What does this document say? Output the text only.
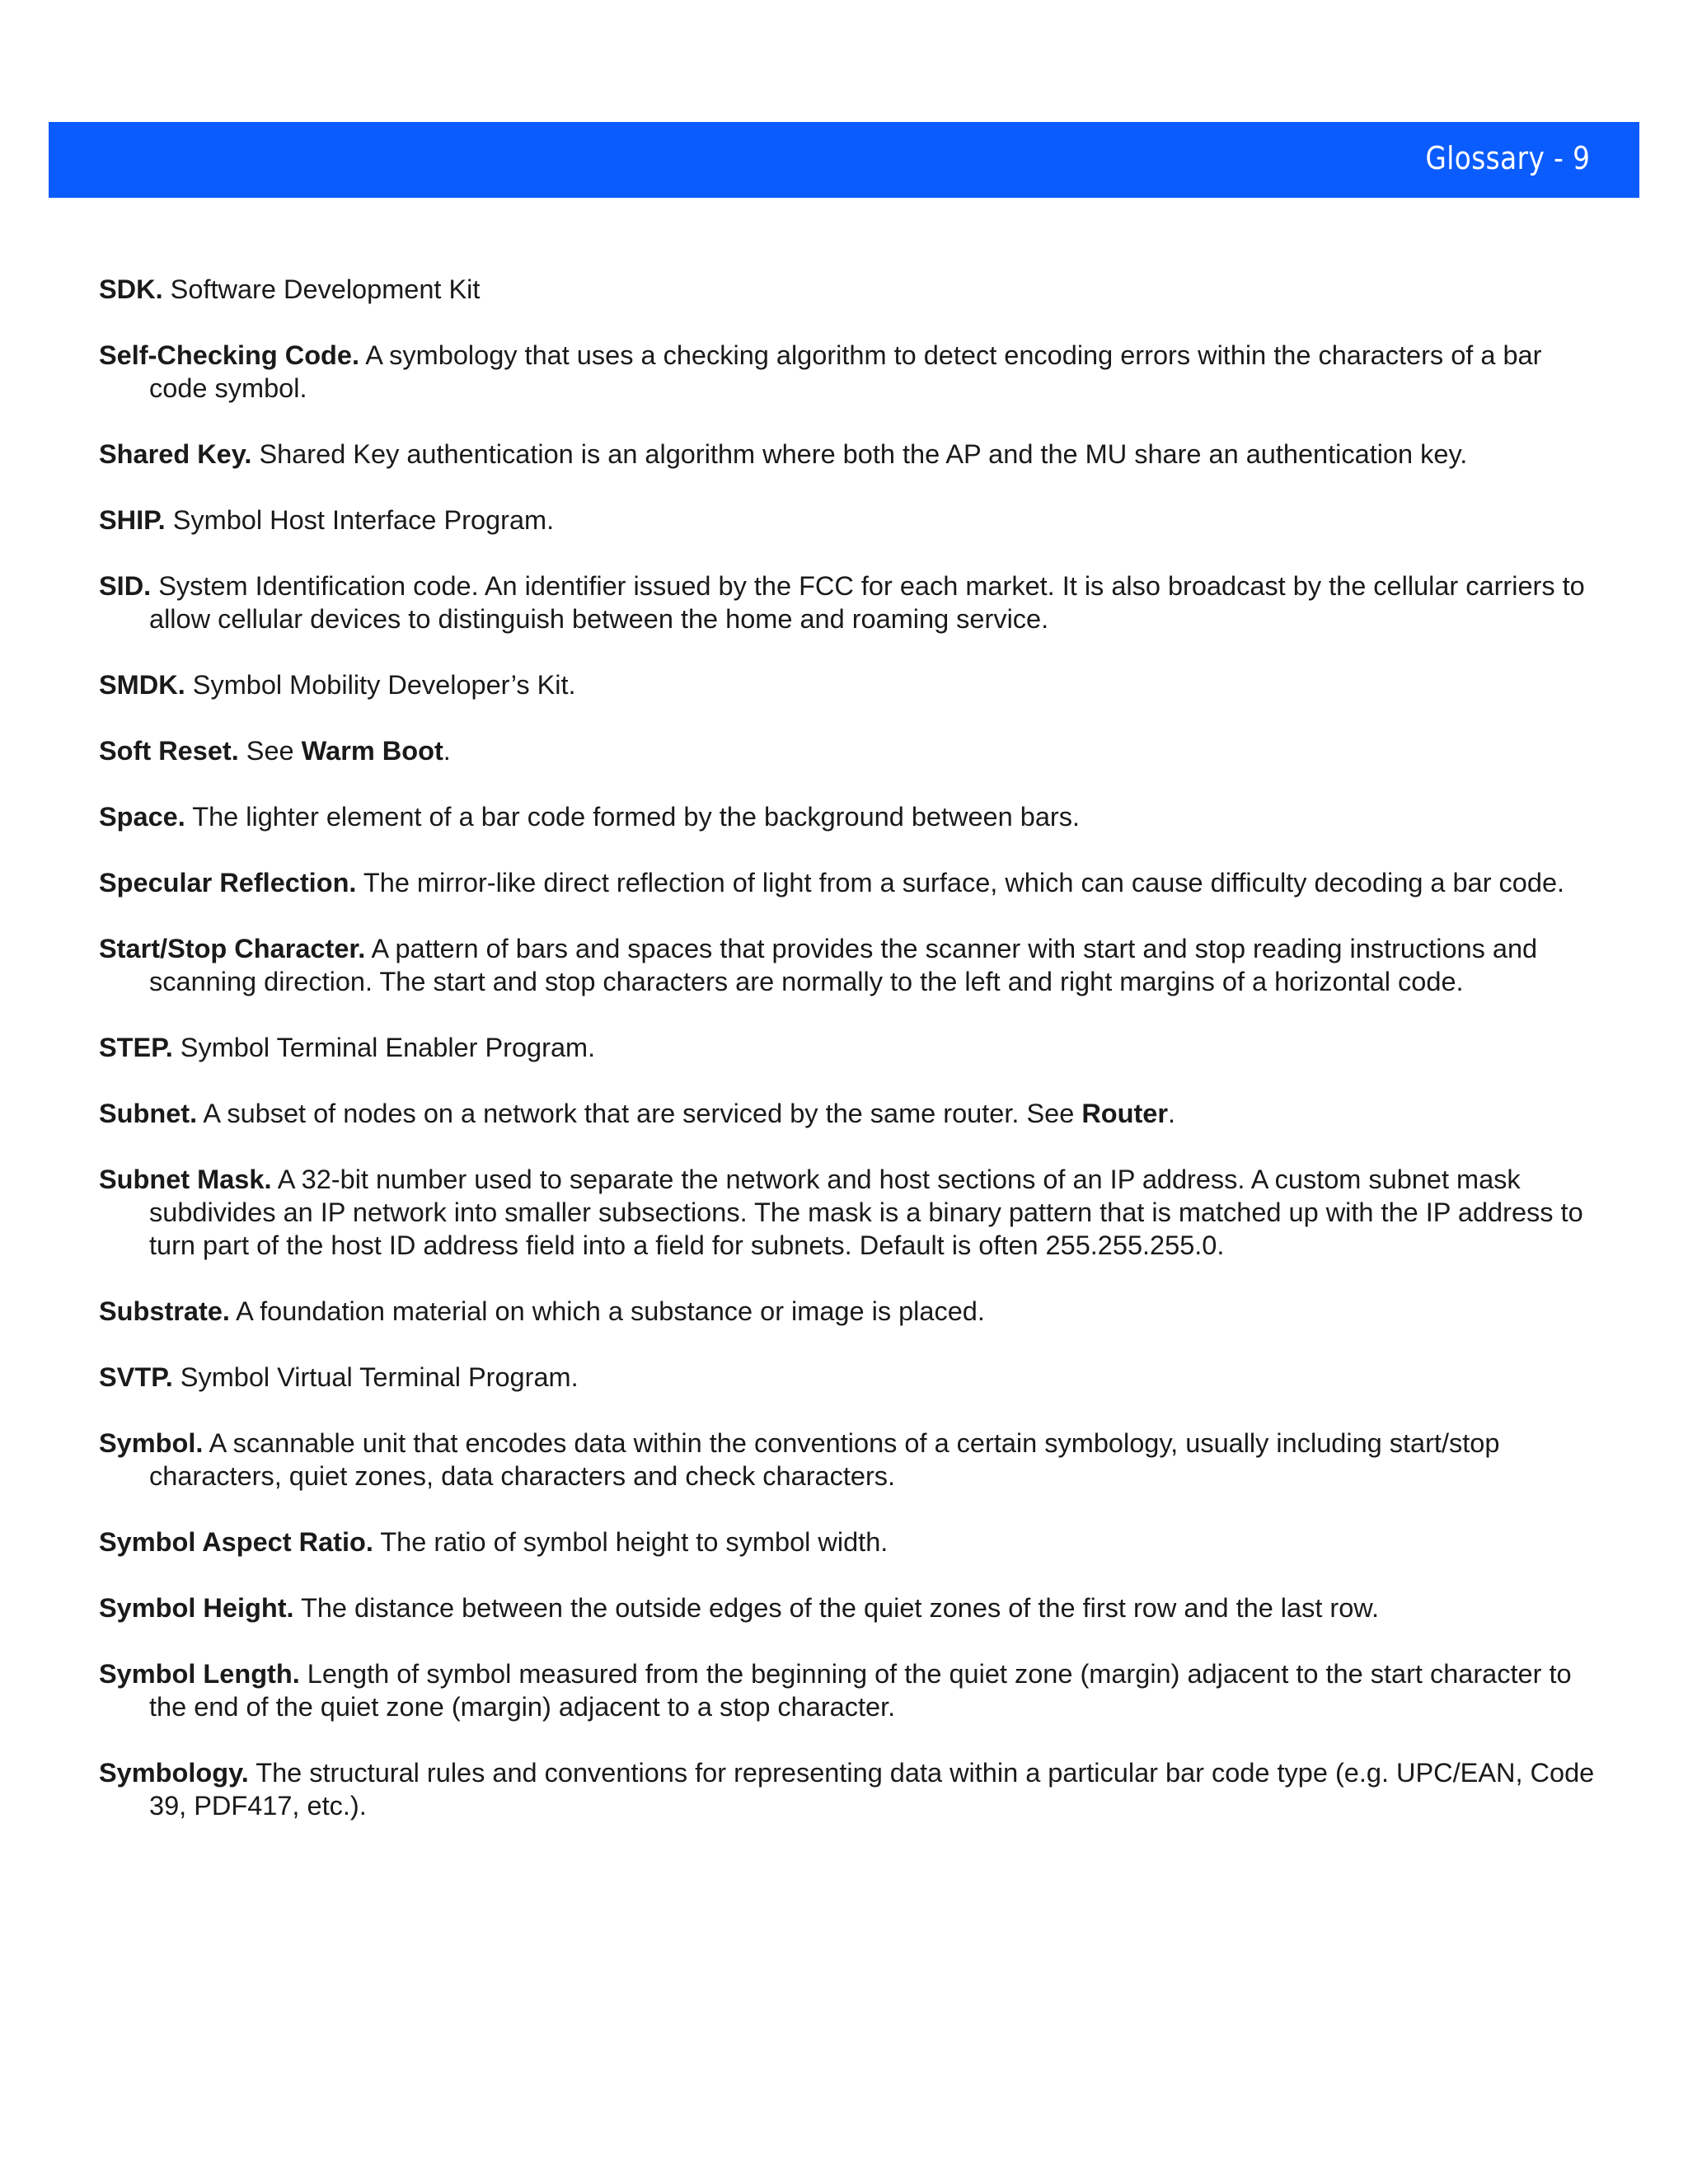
Glossary - 9

SDK. Software Development Kit

Self-Checking Code. A symbology that uses a checking algorithm to detect encoding errors within the characters of a bar code symbol.

Shared Key. Shared Key authentication is an algorithm where both the AP and the MU share an authentication key.

SHIP. Symbol Host Interface Program.

SID. System Identification code. An identifier issued by the FCC for each market. It is also broadcast by the cellular carriers to allow cellular devices to distinguish between the home and roaming service.

SMDK. Symbol Mobility Developer’s Kit.

Soft Reset. See Warm Boot.

Space. The lighter element of a bar code formed by the background between bars.

Specular Reflection. The mirror-like direct reflection of light from a surface, which can cause difficulty decoding a bar code.

Start/Stop Character. A pattern of bars and spaces that provides the scanner with start and stop reading instructions and scanning direction. The start and stop characters are normally to the left and right margins of a horizontal code.

STEP. Symbol Terminal Enabler Program.

Subnet. A subset of nodes on a network that are serviced by the same router. See Router.

Subnet Mask. A 32-bit number used to separate the network and host sections of an IP address. A custom subnet mask subdivides an IP network into smaller subsections. The mask is a binary pattern that is matched up with the IP address to turn part of the host ID address field into a field for subnets. Default is often 255.255.255.0.

Substrate. A foundation material on which a substance or image is placed.

SVTP. Symbol Virtual Terminal Program.

Symbol. A scannable unit that encodes data within the conventions of a certain symbology, usually including start/stop characters, quiet zones, data characters and check characters.

Symbol Aspect Ratio. The ratio of symbol height to symbol width.

Symbol Height. The distance between the outside edges of the quiet zones of the first row and the last row.

Symbol Length. Length of symbol measured from the beginning of the quiet zone (margin) adjacent to the start character to the end of the quiet zone (margin) adjacent to a stop character.

Symbology. The structural rules and conventions for representing data within a particular bar code type (e.g. UPC/EAN, Code 39, PDF417, etc.).
